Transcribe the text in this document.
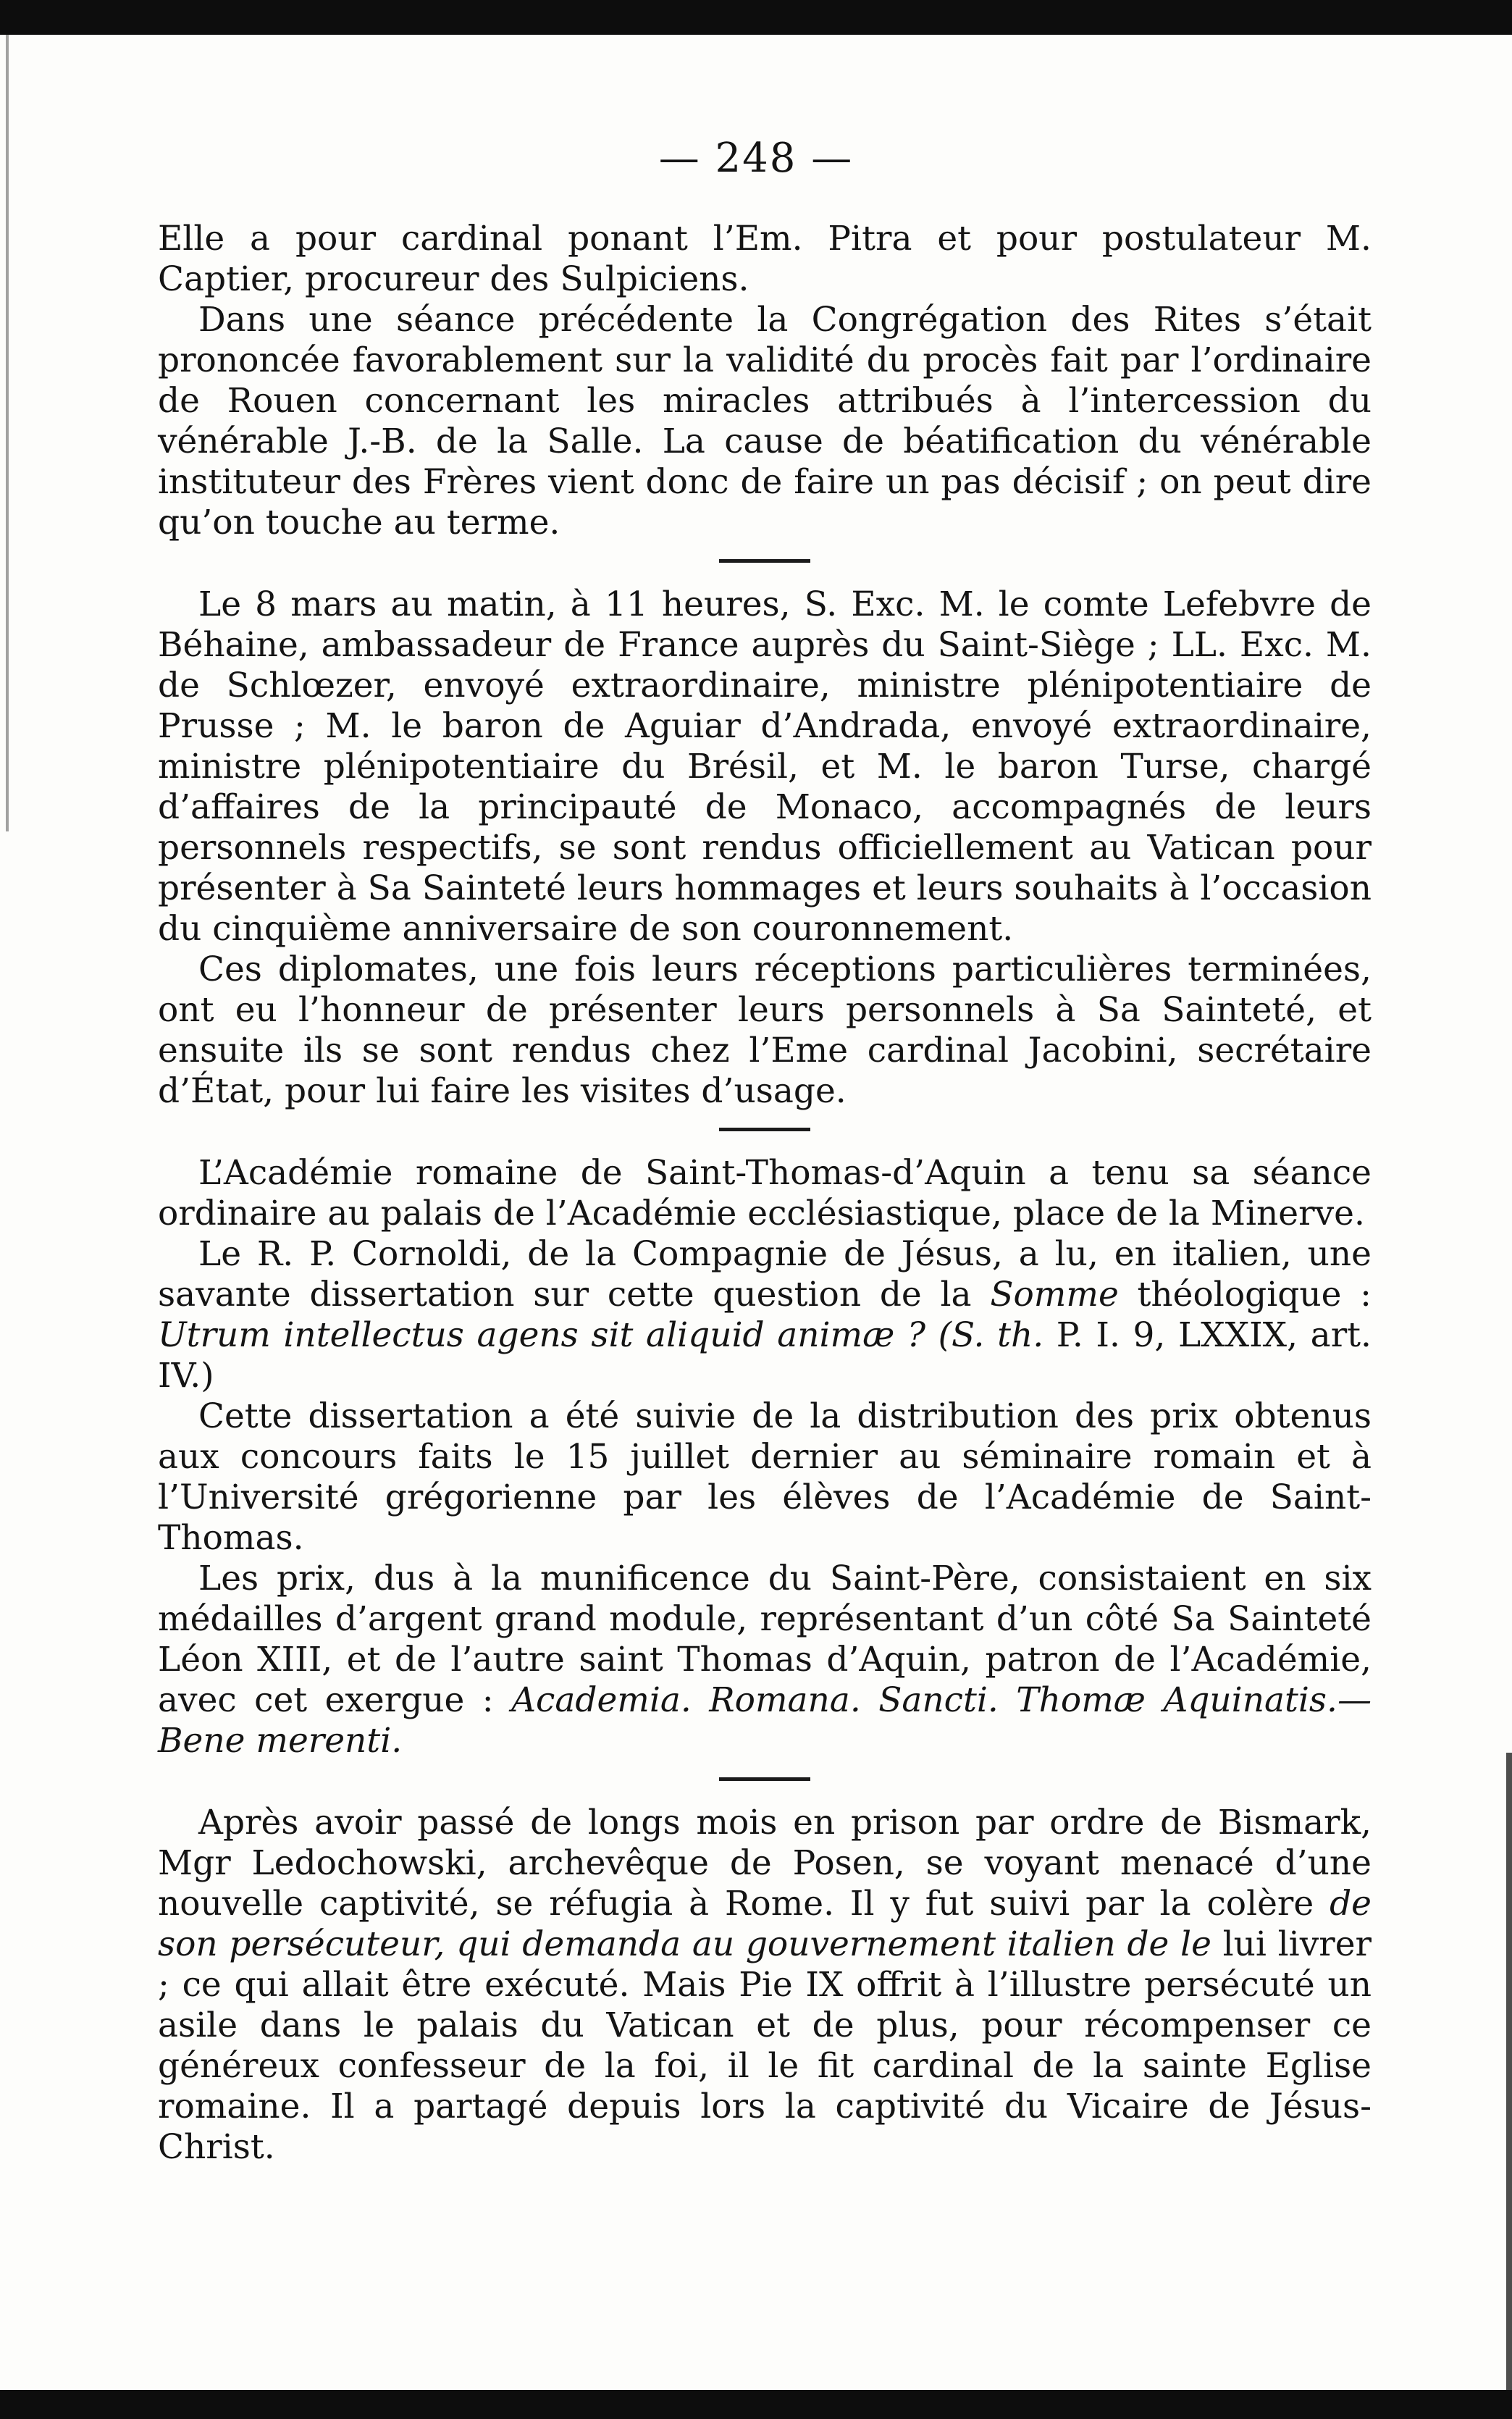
— 248 —

Elle a pour cardinal ponant l’Em. Pitra et pour postulateur M. Captier, procureur des Sulpiciens.

Dans une séance précédente la Congrégation des Rites s’était prononcée favorablement sur la validité du procès fait par l’ordinaire de Rouen concernant les miracles attribués à l’intercession du vénérable J.-B. de la Salle. La cause de béatification du vénérable instituteur des Frères vient donc de faire un pas décisif ; on peut dire qu’on touche au terme.

Le 8 mars au matin, à 11 heures, S. Exc. M. le comte Lefebvre de Béhaine, ambassadeur de France auprès du Saint-Siège ; LL. Exc. M. de Schlœzer, envoyé extraordinaire, ministre plénipotentiaire de Prusse ; M. le baron de Aguiar d’Andrada, envoyé extraordinaire, ministre plénipotentiaire du Brésil, et M. le baron Turse, chargé d’affaires de la principauté de Monaco, accompagnés de leurs personnels respectifs, se sont rendus officiellement au Vatican pour présenter à Sa Sainteté leurs hommages et leurs souhaits à l’occasion du cinquième anniversaire de son couronnement.

Ces diplomates, une fois leurs réceptions particulières terminées, ont eu l’honneur de présenter leurs personnels à Sa Sainteté, et ensuite ils se sont rendus chez l’Eme cardinal Jacobini, secrétaire d’État, pour lui faire les visites d’usage.

L’Académie romaine de Saint-Thomas-d’Aquin a tenu sa séance ordinaire au palais de l’Académie ecclésiastique, place de la Minerve.

Le R. P. Cornoldi, de la Compagnie de Jésus, a lu, en italien, une savante dissertation sur cette question de la Somme théologique : Utrum intellectus agens sit aliquid animæ ? (S. th. P. I. 9, LXXIX, art. IV.)

Cette dissertation a été suivie de la distribution des prix obtenus aux concours faits le 15 juillet dernier au séminaire romain et à l’Université grégorienne par les élèves de l’Académie de Saint-Thomas.

Les prix, dus à la munificence du Saint-Père, consistaient en six médailles d’argent grand module, représentant d’un côté Sa Sainteté Léon XIII, et de l’autre saint Thomas d’Aquin, patron de l’Académie, avec cet exergue : Academia. Romana. Sancti. Thomæ Aquinatis.—Bene merenti.

Après avoir passé de longs mois en prison par ordre de Bismark, Mgr Ledochowski, archevêque de Posen, se voyant menacé d’une nouvelle captivité, se réfugia à Rome. Il y fut suivi par la colère de son persécuteur, qui demanda au gouvernement italien de le lui livrer ; ce qui allait être exécuté. Mais Pie IX offrit à l’illustre persécuté un asile dans le palais du Vatican et de plus, pour récompenser ce généreux confesseur de la foi, il le fit cardinal de la sainte Eglise romaine. Il a partagé depuis lors la captivité du Vicaire de Jésus-Christ.
